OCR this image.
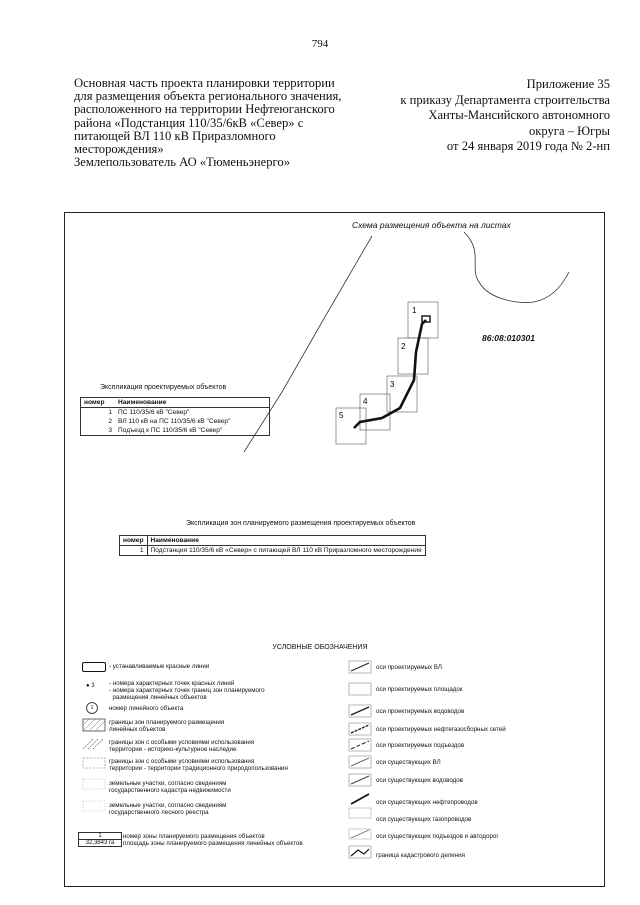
794
Основная часть проекта планировки территории
для размещения объекта регионального значения,
расположенного на территории Нефтеюганского
района «Подстанция 110/35/6кВ «Север» с
питающей ВЛ 110 кВ Приразломного
месторождения»
Землепользователь АО «Тюменьэнерго»
Приложение 35
к приказу Департамента строительства
Ханты-Мансийского автономного
округа – Югры
от 24 января 2019 года № 2-нп
1
2
3
4
5
Схема размещения объекта на листах
86:08:010301
Экспликация проектируемых объектов
номер	Наименование
1	ПС 110/35/6 кВ "Север"
2	ВЛ 110 кВ на ПС 110/35/6 кВ "Север"
3	Подъезд к ПС 110/35/6 кВ "Север"
Экспликация зон планируемого размещения проектируемых объектов
номер	Наименование
1	Подстанция 110/35/6 кВ «Север» с питающей ВЛ 110 кВ Приразломного месторождения
УСЛОВНЫЕ ОБОЗНАЧЕНИЯ
● 3
1
1
32,3843 га
- устанавливаемые красные линии
- номера характерных точек красных линий
- номера характерных точек границ зон планируемого
размещения линейных объектов
номер линейного объекта
границы зон планируемого размещения
линейных объектов
границы зон с особыми условиями использования
территории - историко-культурное наследие
границы зон с особыми условиями использования
территории - территории традиционного природопользования
земельные участки, согласно сведениям
государственного кадастра недвижимости
земельные участки, согласно сведениям
государственного лесного реестра
номер зоны планируемого размещения объектов
площадь зоны планируемого размещения линейных объектов
оси проектируемых ВЛ
оси проектируемых площадок
оси проектируемых водоводов
оси проектируемых нефтегазосборных сетей
оси проектируемых подъездов
оси существующих ВЛ
оси существующих водоводов
оси существующих нефтепроводов
оси существующих газопроводов
оси существующих подъездов и автодорог
граница кадастрового деления
